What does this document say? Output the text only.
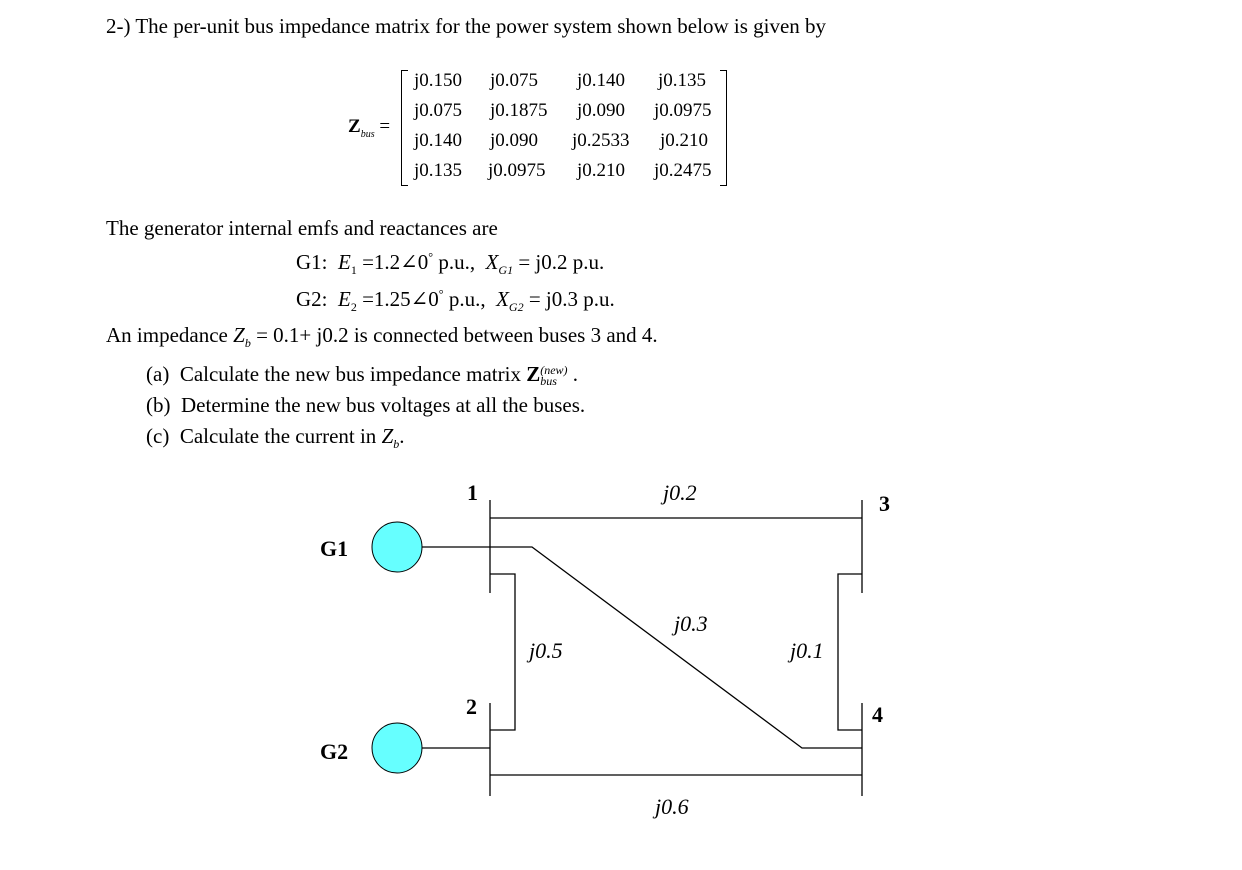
2-) The per-unit bus impedance matrix for the power system shown below is given by
$Z_{bus}$ =
j0.150 j0.075 j0.140 j0.135
j0.075 j0.1875 j0.090 j0.0975
j0.140 j0.090 j0.2533 j0.210
j0.135 j0.0975 j0.210 j0.2475
The generator internal emfs and reactances are
G1: $E_1$ =1.2∠0° p.u., $X_{G1} = j0.2$ p.u.
G2: $E_2$ =1.25∠0° p.u., $X_{G2} = j0.3$ p.u.
An impedance $Z_b = 0.1+ j0.2$ is connected between buses 3 and 4.
(a) Calculate the new bus impedance matrix Z (new)
bus .
(b) Determine the new bus voltages at all the buses.
(c) Calculate the current in $Z_b$.
G1
G2
1
2
3
4
j0.2
j0.3
j0.5	j0.1
j0.6
